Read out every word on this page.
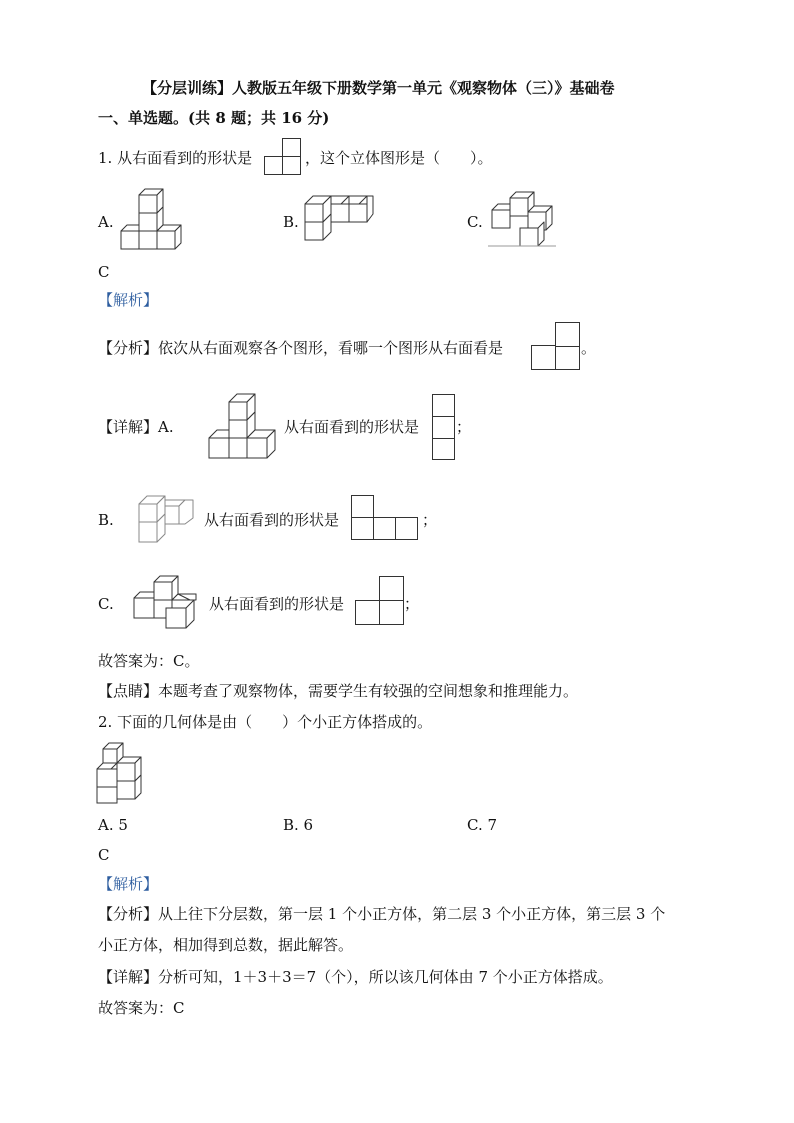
【分层训练】人教版五年级下册数学第一单元《观察物体（三）》基础卷
一、单选题。(共 8 题；共 16 分)
1. 从右面看到的形状是	，这个立体图形是（　　）。
A.	B.	C.
C
【解析】
【分析】依次从右面观察各个图形，看哪一个图形从右面看是	。
【详解】A.	从右面看到的形状是 ；
B.	从右面看到的形状是	；
C.	从右面看到的形状是	；
故答案为：C。
【点睛】本题考查了观察物体，需要学生有较强的空间想象和推理能力。
2. 下面的几何体是由（　　）个小正方体搭成的。
A. 5	B. 6	C. 7
C
【解析】
【分析】从上往下分层数，第一层 1 个小正方体，第二层 3 个小正方体，第三层 3 个
小正方体，相加得到总数，据此解答。
【详解】分析可知，1＋3＋3＝7（个），所以该几何体由 7 个小正方体搭成。
故答案为：C
